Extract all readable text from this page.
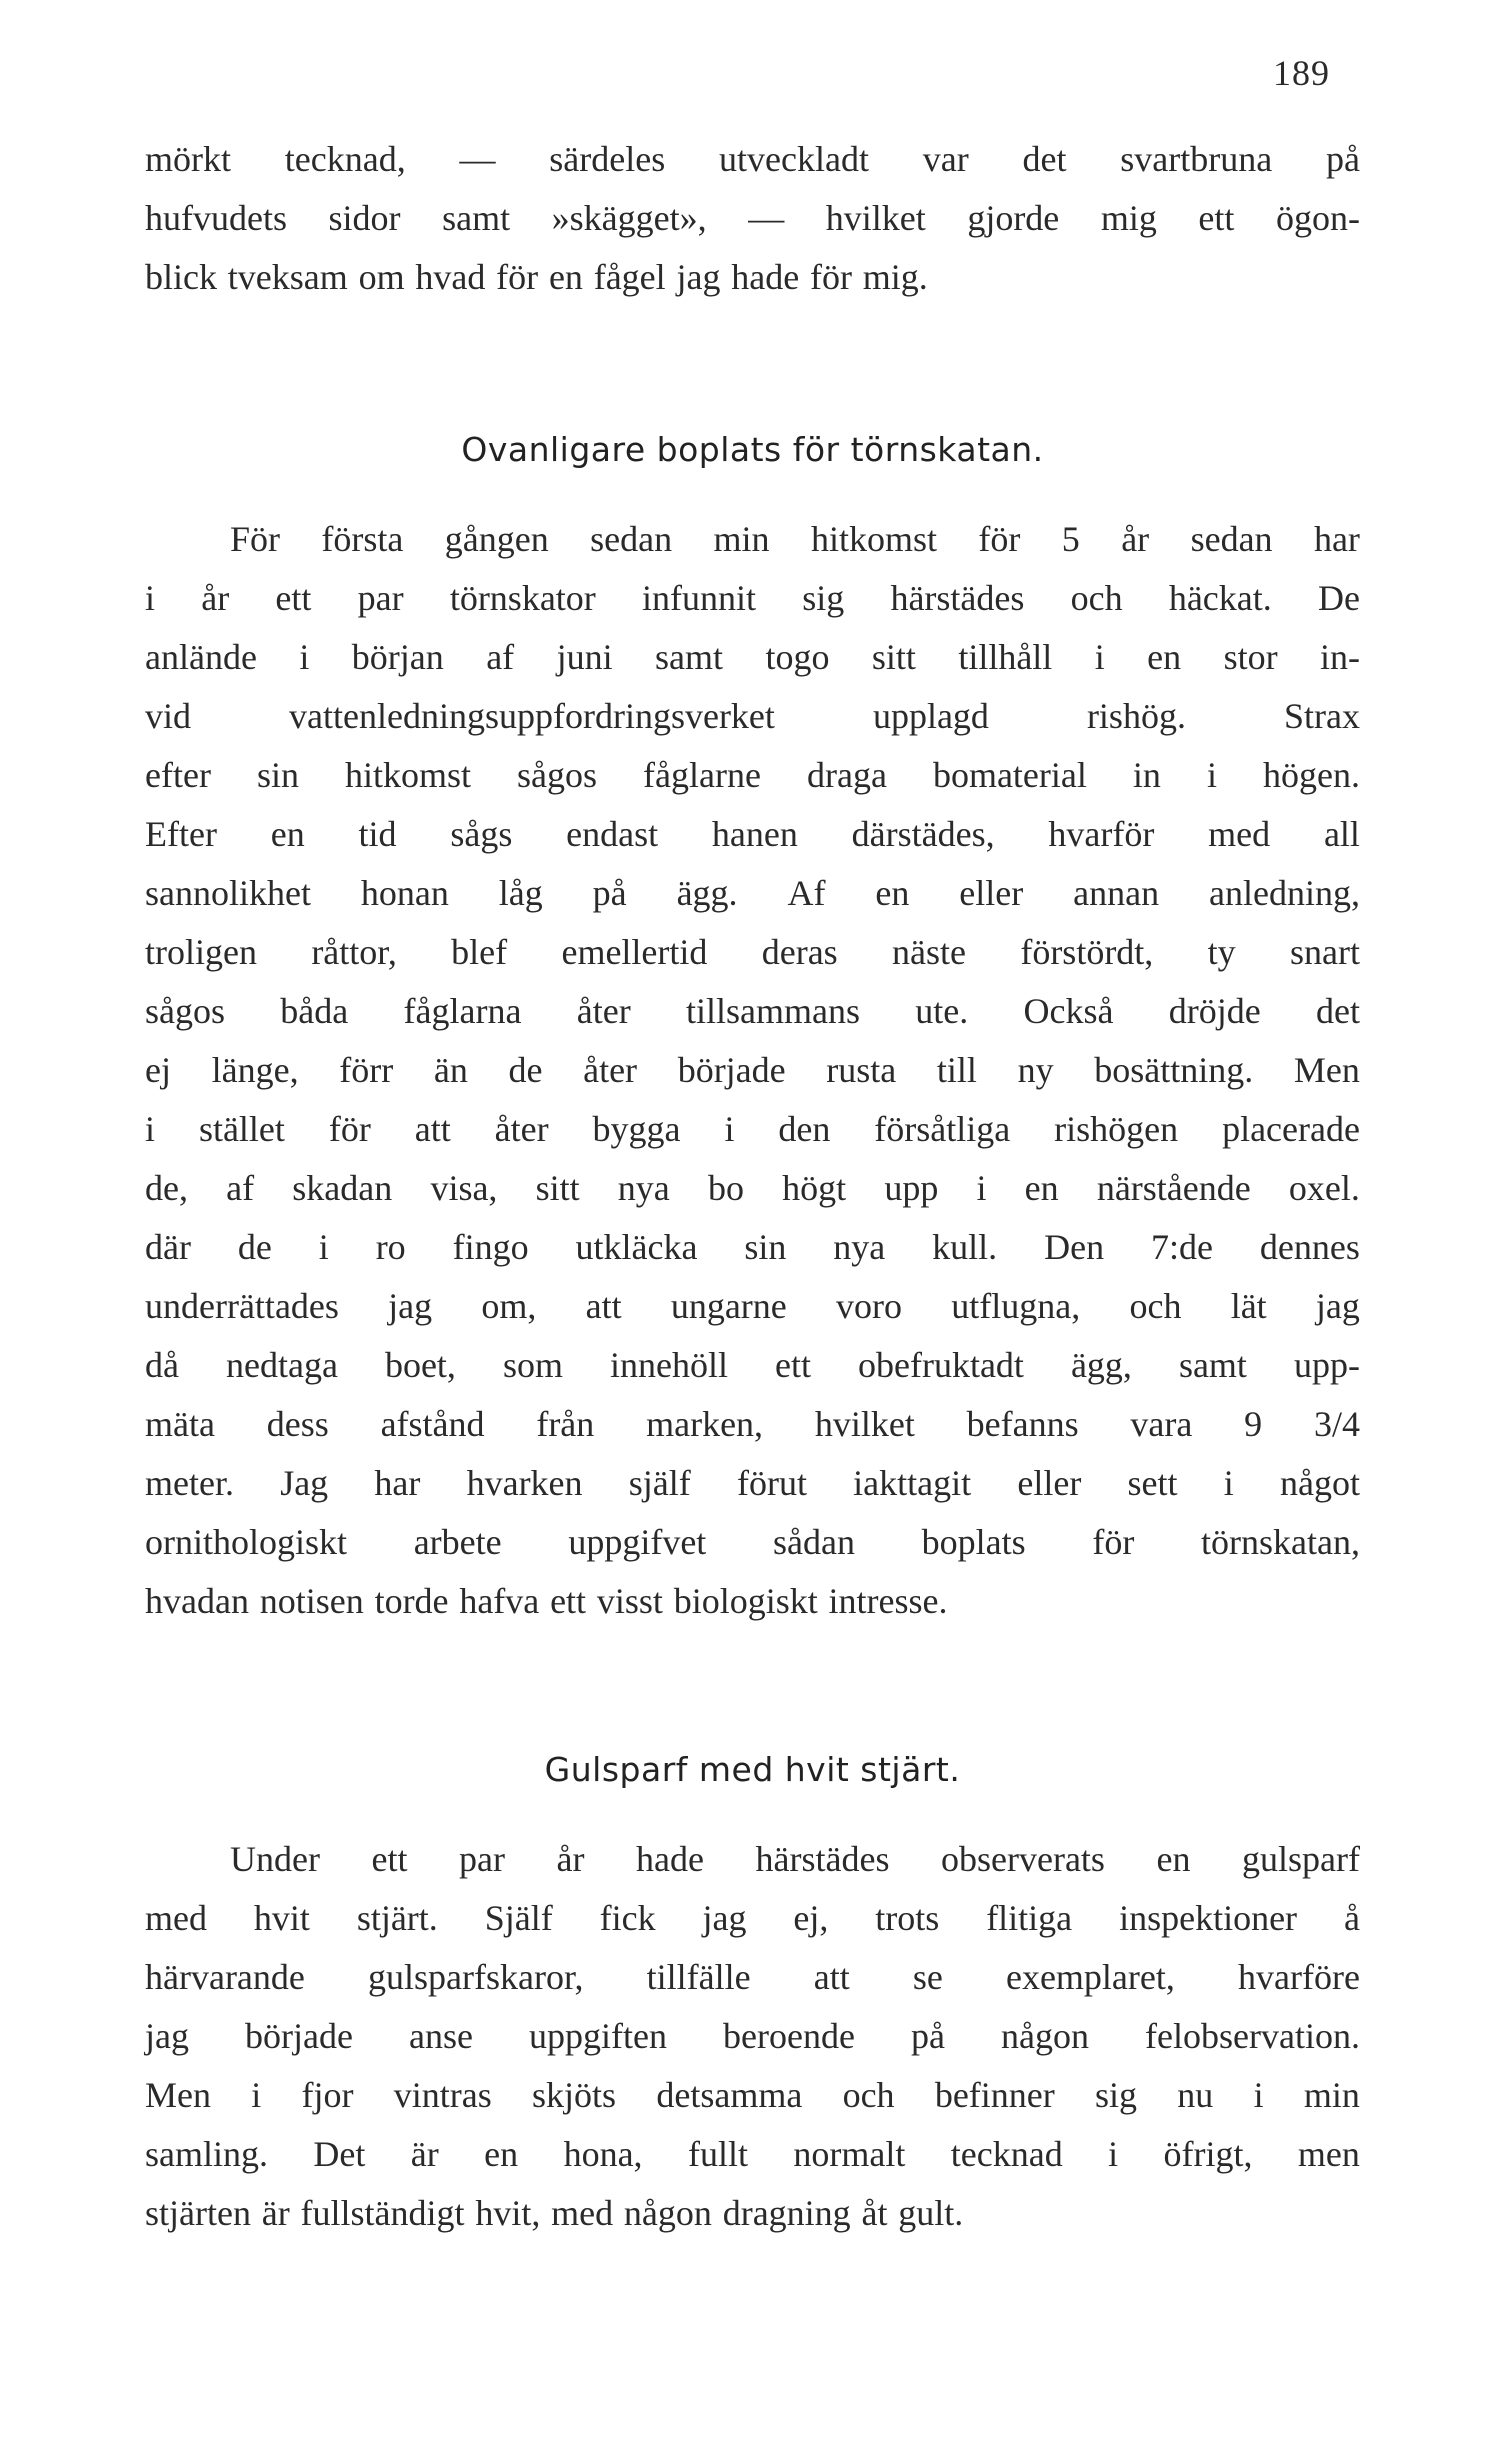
189
mörkt tecknad, — särdeles utveckladt var det svartbruna på
hufvudets sidor samt »skägget», — hvilket gjorde mig ett ögon-
blick tveksam om hvad för en fågel jag hade för mig.
Ovanligare boplats för törnskatan.
För första gången sedan min hitkomst för 5 år sedan har
i år ett par törnskator infunnit sig härstädes och häckat. De
anlände i början af juni samt togo sitt tillhåll i en stor in-
vid	vattenledningsuppfordringsverket	upplagd	rishög.	Strax
efter sin hitkomst sågos fåglarne draga bomaterial in i högen.
Efter en tid sågs endast hanen därstädes, hvarför med all
sannolikhet honan låg på ägg. Af en eller annan anledning,
troligen råttor, blef emellertid deras näste förstördt, ty snart
sågos båda fåglarna åter tillsammans ute. Också dröjde det
ej länge, förr än de åter började rusta till ny bosättning. Men
i stället för att åter bygga i den försåtliga rishögen placerade
de, af skadan visa, sitt nya bo högt upp i en närstående oxel.
där de i ro fingo utkläcka sin nya kull. Den 7:de dennes
underrättades jag om, att ungarne voro utflugna, och lät jag
då nedtaga boet, som innehöll ett obefruktadt ägg, samt upp-
mäta dess afstånd från marken, hvilket befanns vara 9 3/4
meter. Jag har hvarken själf förut iakttagit eller sett i något
ornithologiskt arbete uppgifvet sådan boplats för törnskatan,
hvadan notisen torde hafva ett visst biologiskt intresse.
Gulsparf med hvit stjärt.
Under ett par år hade härstädes observerats en gulsparf
med hvit stjärt. Själf fick jag ej, trots flitiga inspektioner å
härvarande gulsparfskaror, tillfälle att se exemplaret, hvarföre
jag började anse uppgiften beroende på någon felobservation.
Men i fjor vintras skjöts detsamma och befinner sig nu i min
samling. Det är en hona, fullt normalt tecknad i öfrigt, men
stjärten är fullständigt hvit, med någon dragning åt gult.
